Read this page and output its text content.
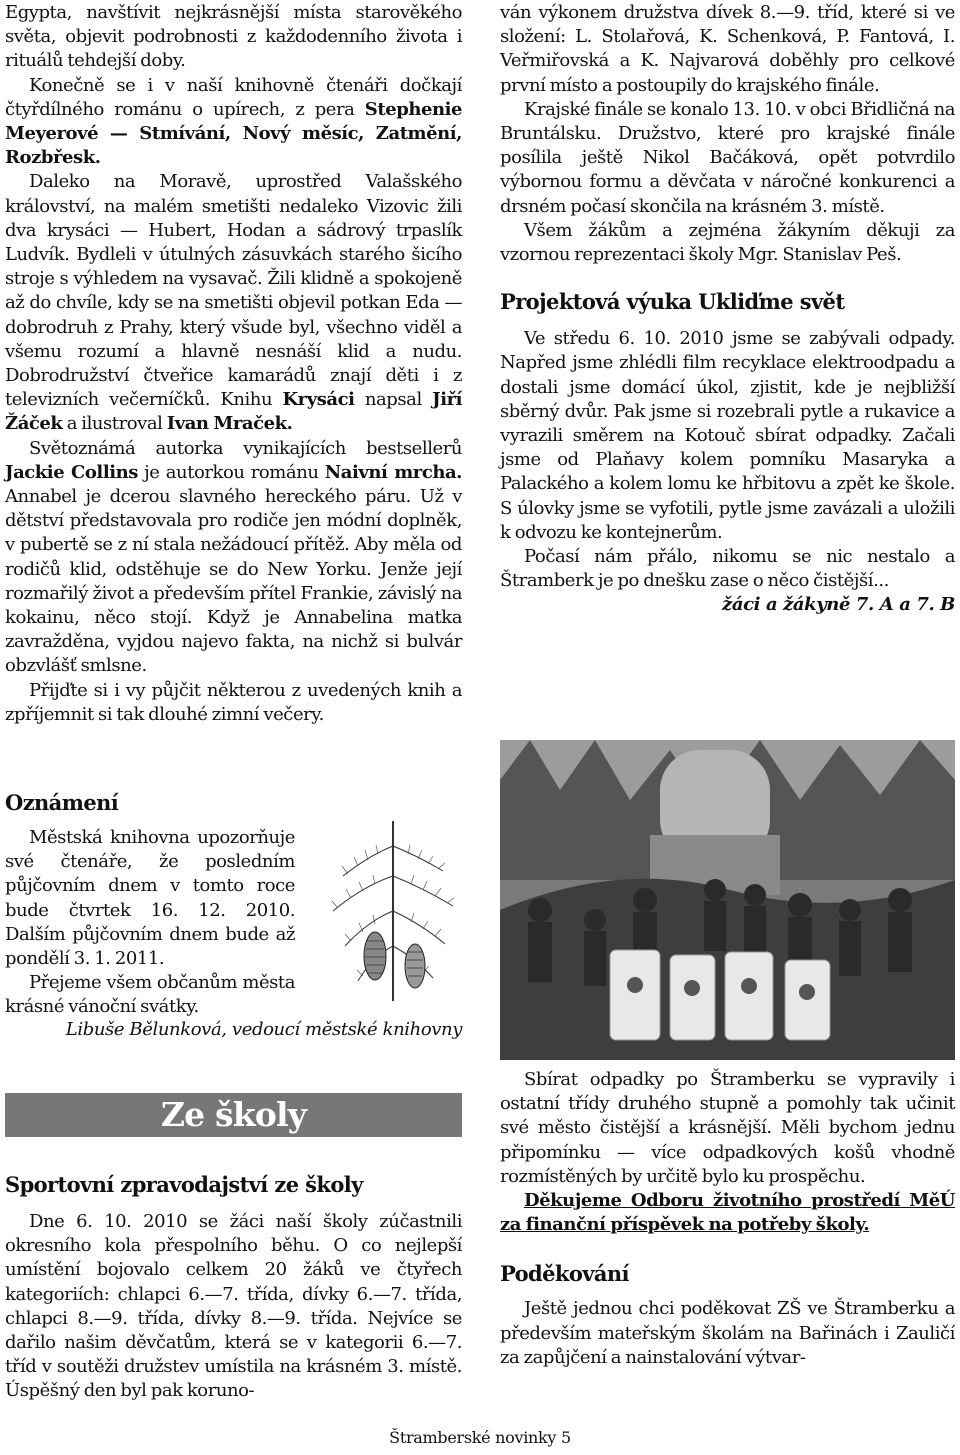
Egypta, navštívit nejkrásnější místa starověkého světa, objevit podrobnosti z každodenního života i rituálů tehdejší doby.

Konečně se i v naší knihovně čtenáři dočkají čtyřdílného románu o upírech, z pera Stephenie Meyerové — Stmívání, Nový měsíc, Zatmění, Rozbřesk.

Daleko na Moravě, uprostřed Valašského království, na malém smetišti nedaleko Vizovic žili dva krysáci — Hubert, Hodan a sádrový trpaslík Ludvík. Bydleli v útulných zásuvkách starého šicího stroje s výhledem na vysavač. Žili klidně a spokojeně až do chvíle, kdy se na smetišti objevil potkan Eda — dobrodruh z Prahy, který všude byl, všechno viděl a všemu rozumí a hlavně nesnáší klid a nudu. Dobrodružství čtveřice kamarádů znají děti i z televizních večerníčků. Knihu Krysáci napsal Jiří Žáček a ilustroval Ivan Mraček.

Světoznámá autorka vynikajících bestsellerů Jackie Collins je autorkou románu Naivní mrcha. Annabel je dcerou slavného hereckého páru. Už v dětství představovala pro rodiče jen módní doplněk, v pubertě se z ní stala nežádoucí přítěž. Aby měla od rodičů klid, odstěhuje se do New Yorku. Jenže její rozmařilý život a především přítel Frankie, závislý na kokainu, něco stojí. Když je Annabelina matka zavražděna, vyjdou najevo fakta, na nichž si bulvár obzvlášť smlsne.

Přijďte si i vy půjčit některou z uvedených knih a zpříjemnit si tak dlouhé zimní večery.

Oznámení

Městská knihovna upozorňuje své čtenáře, že posledním půjčovním dnem v tomto roce bude čtvrtek 16. 12. 2010. Dalším půjčovním dnem bude až pondělí 3. 1. 2011.

Přejeme všem občanům města krásné vánoční svátky.

Libuše Bělunková, vedoucí městské knihovny
Ze školy
Sportovní zpravodajství ze školy

Dne 6. 10. 2010 se žáci naší školy zúčastnili okresního kola přespolního běhu. O co nejlepší umístění bojovalo celkem 20 žáků ve čtyřech kategoriích: chlapci 6.—7. třída, dívky 6.—7. třída, chlapci 8.—9. třída, dívky 8.—9. třída. Nejvíce se dařilo našim děvčatům, která se v kategorii 6.—7. tříd v soutěži družstev umístila na krásném 3. místě. Úspěšný den byl pak koruno-

ván výkonem družstva dívek 8.—9. tříd, které si ve složení: L. Stolařová, K. Schenková, P. Fantová, I. Veřmiřovská a K. Najvarová doběhly pro celkové první místo a postoupily do krajského finále.

Krajské finále se konalo 13. 10. v obci Břidličná na Bruntálsku. Družstvo, které pro krajské finále posílila ještě Nikol Bačáková, opět potvrdilo výbornou formu a děvčata v náročné konkurenci a drsném počasí skončila na krásném 3. místě.

Všem žákům a zejména žákyním děkuji za vzornou reprezentaci školy Mgr. Stanislav Peš.

Projektová výuka Ukliďme svět

Ve středu 6. 10. 2010 jsme se zabývali odpady. Napřed jsme zhlédli film recyklace elektroodpadu a dostali jsme domácí úkol, zjistit, kde je nejbližší sběrný dvůr. Pak jsme si rozebrali pytle a rukavice a vyrazili směrem na Kotouč sbírat odpadky. Začali jsme od Plaňavy kolem pomníku Masaryka a Palackého a kolem lomu ke hřbitovu a zpět ke škole. S úlovky jsme se vyfotili, pytle jsme zavázali a uložili k odvozu ke kontejnerům.

Počasí nám přálo, nikomu se nic nestalo a Štramberk je po dnešku zase o něco čistější...

žáci a žákyně 7. A a 7. B

Sbírat odpadky po Štramberku se vypravily i ostatní třídy druhého stupně a pomohly tak učinit své město čistější a krásnější. Měli bychom jednu připomínku — více odpadkových košů vhodně rozmístěných by určitě bylo ku prospěchu.

Děkujeme Odboru životního prostředí MěÚ za finanční příspěvek na potřeby školy.

Poděkování

Ještě jednou chci poděkovat ZŠ ve Štramberku a především mateřským školám na Bařinách i Zauličí za zapůjčení a nainstalování výtvar-

Štramberské novinky 5
